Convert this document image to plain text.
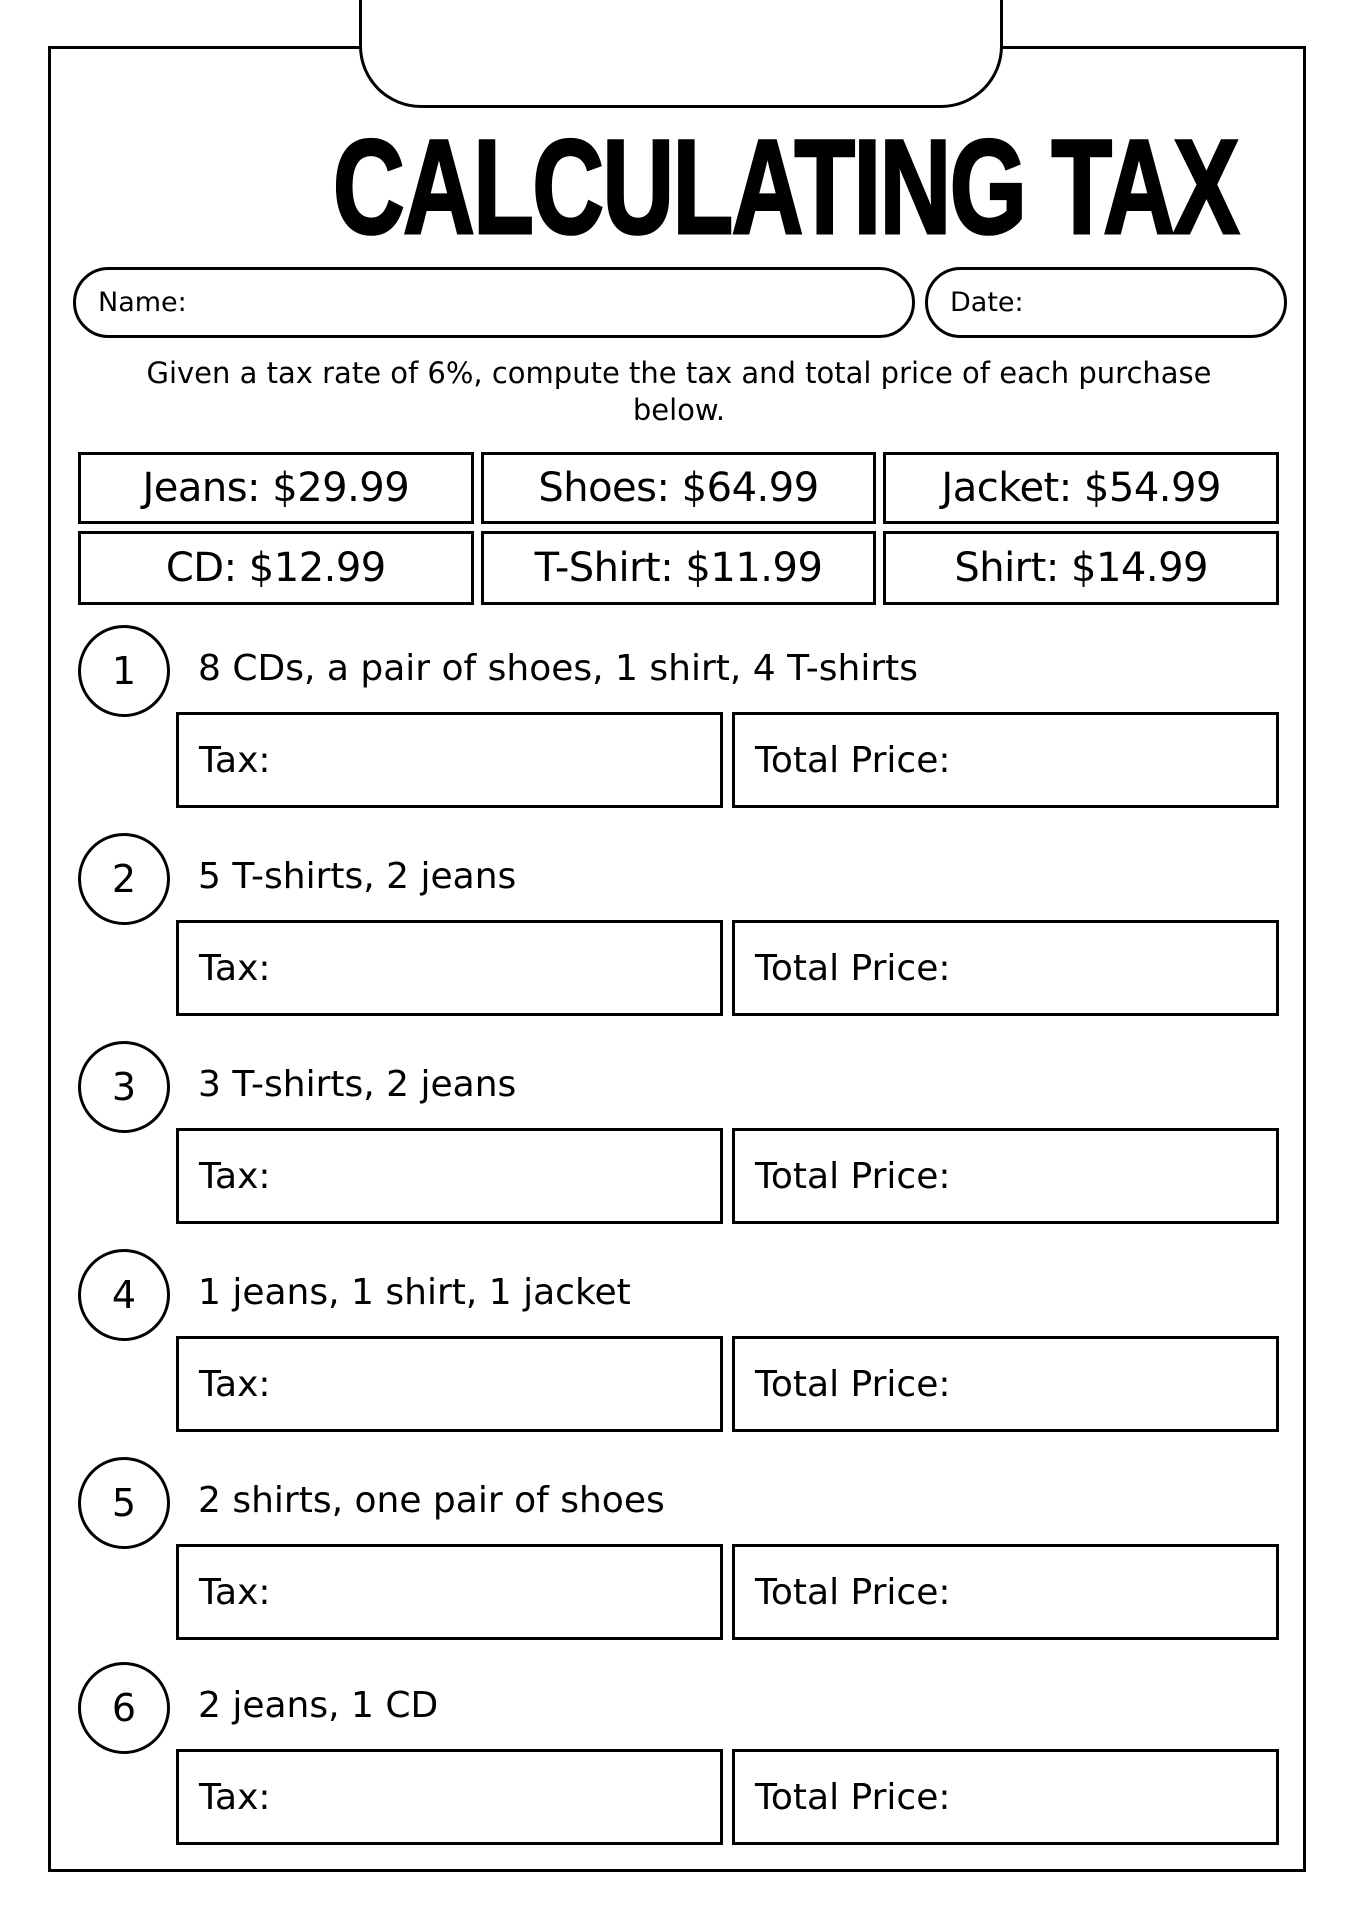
CALCULATING TAX
Name:	Date:
Given a tax rate of 6%, compute the tax and total price of each purchase below.
Jeans: $29.99	Shoes: $64.99	Jacket: $54.99
CD: $12.99	T-Shirt: $11.99	Shirt: $14.99
1	8 CDs, a pair of shoes, 1 shirt, 4 T-shirts
Tax:	Total Price:
2	5 T-shirts, 2 jeans
Tax:	Total Price:
3	3 T-shirts, 2 jeans
Tax:	Total Price:
4	1 jeans, 1 shirt, 1 jacket
Tax:	Total Price:
5	2 shirts, one pair of shoes
Tax:	Total Price:
6	2 jeans, 1 CD
Tax:	Total Price:
